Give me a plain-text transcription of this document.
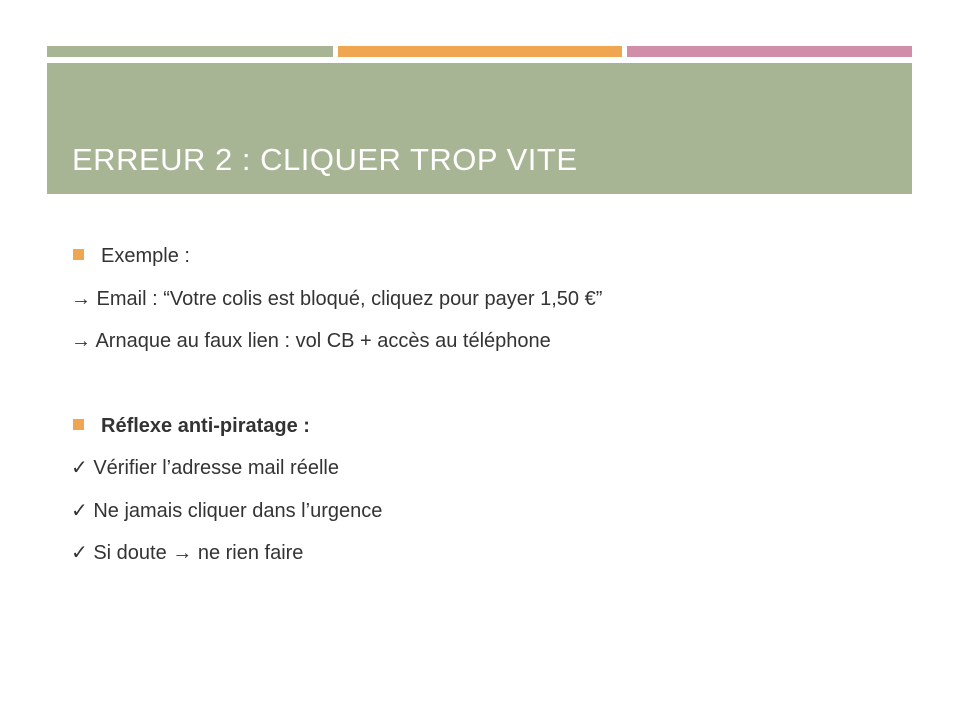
ERREUR 2 : CLIQUER TROP VITE
Exemple :
→ Email : “Votre colis est bloqué, cliquez pour payer 1,50 €”
→ Arnaque au faux lien : vol CB + accès au téléphone
Réflexe anti-piratage :
✓ Vérifier l’adresse mail réelle
✓ Ne jamais cliquer dans l’urgence
✓ Si doute → ne rien faire
